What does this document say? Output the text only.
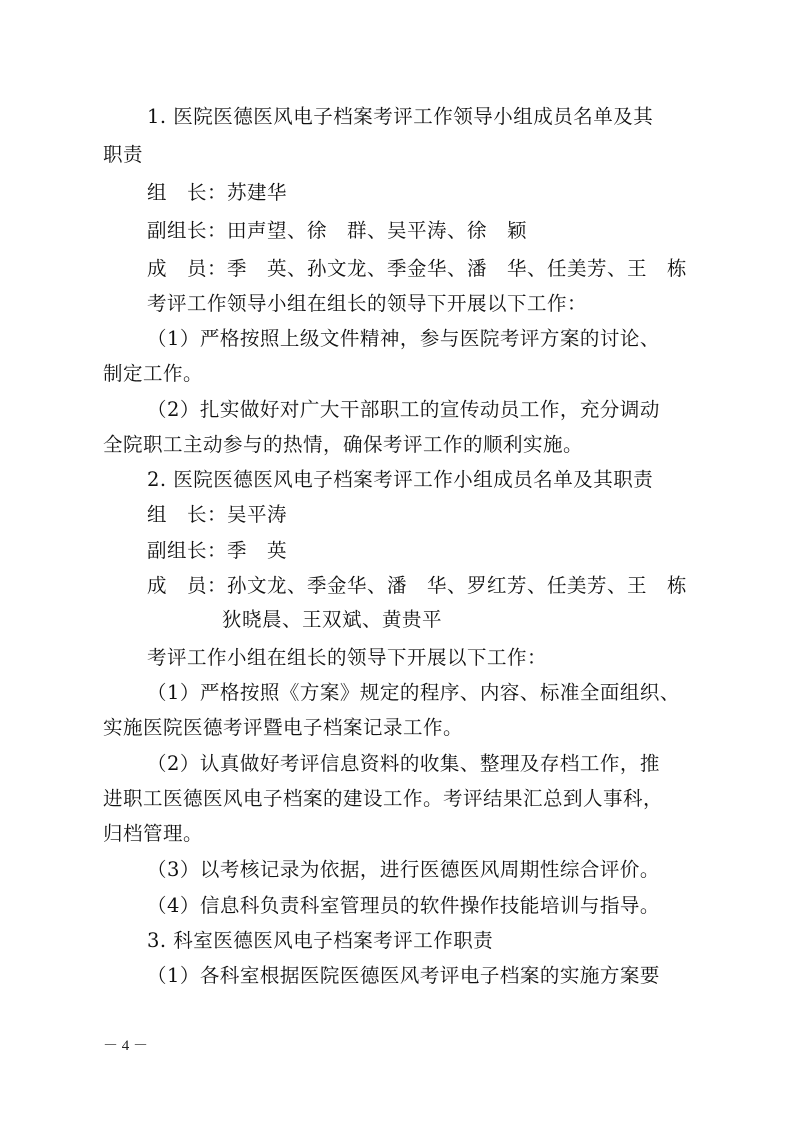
1. 医院医德医风电子档案考评工作领导小组成员名单及其

职责

组　长：苏建华

副组长：田声望、徐　群、吴平涛、徐　颖

成　员：季　英、孙文龙、季金华、潘　华、任美芳、王　栋

考评工作领导小组在组长的领导下开展以下工作：

（1）严格按照上级文件精神，参与医院考评方案的讨论、

制定工作。

（2）扎实做好对广大干部职工的宣传动员工作，充分调动

全院职工主动参与的热情，确保考评工作的顺利实施。

2. 医院医德医风电子档案考评工作小组成员名单及其职责

组　长：吴平涛

副组长：季　英

成　员：孙文龙、季金华、潘　华、罗红芳、任美芳、王　栋

狄晓晨、王双斌、黄贵平

考评工作小组在组长的领导下开展以下工作：

（1）严格按照《方案》规定的程序、内容、标准全面组织、

实施医院医德考评暨电子档案记录工作。

（2）认真做好考评信息资料的收集、整理及存档工作，推

进职工医德医风电子档案的建设工作。考评结果汇总到人事科，

归档管理。

（3）以考核记录为依据，进行医德医风周期性综合评价。

（4）信息科负责科室管理员的软件操作技能培训与指导。

3. 科室医德医风电子档案考评工作职责

（1）各科室根据医院医德医风考评电子档案的实施方案要

－ 4 －
